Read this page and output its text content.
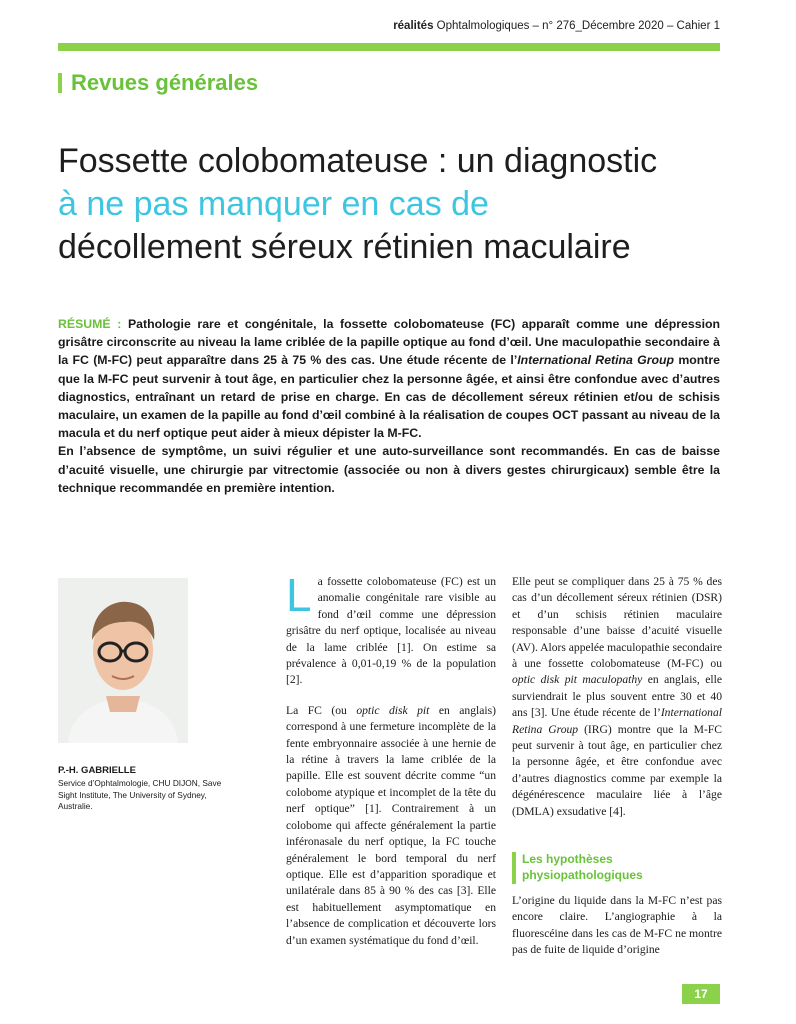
réalités Ophtalmologiques – n° 276_Décembre 2020 – Cahier 1
Revues générales
Fossette colobomateuse : un diagnostic
à ne pas manquer en cas de
décollement séreux rétinien maculaire

RÉSUMÉ : Pathologie rare et congénitale, la fossette colobomateuse (FC) apparaît comme une dépression grisâtre circonscrite au niveau la lame criblée de la papille optique au fond d’œil. Une maculopathie secondaire à la FC (M-FC) peut apparaître dans 25 à 75 % des cas. Une étude récente de l’International Retina Group montre que la M-FC peut survenir à tout âge, en particulier chez la personne âgée, et ainsi être confondue avec d’autres diagnostics, entraînant un retard de prise en charge. En cas de décollement séreux rétinien et/ou de schisis maculaire, un examen de la papille au fond d’œil combiné à la réalisation de coupes OCT passant au niveau de la macula et du nerf optique peut aider à mieux dépister la M-FC.

En l’absence de symptôme, un suivi régulier et une auto-surveillance sont recommandés. En cas de baisse d’acuité visuelle, une chirurgie par vitrectomie (associée ou non à divers gestes chirurgicaux) semble être la technique recommandée en première intention.

P.-H. GABRIELLE
Service d’Ophtalmologie, CHU DIJON, Save Sight Institute, The University of Sydney, Australie.

La fossette colobomateuse (FC) est un anomalie congénitale rare visible au fond d’œil comme une dépression grisâtre du nerf optique, localisée au niveau de la lame criblée [1]. On estime sa prévalence à 0,01-0,19 % de la population [2].

La FC (ou optic disk pit en anglais) correspond à une fermeture incomplète de la fente embryonnaire associée à une hernie de la rétine à travers la lame criblée de la papille. Elle est souvent décrite comme “un colobome atypique et incomplet de la tête du nerf optique” [1]. Contrairement à un colobome qui affecte généralement la partie inféronasale du nerf optique, la FC touche généralement le bord temporal du nerf optique. Elle est d’apparition sporadique et unilatérale dans 85 à 90 % des cas [3]. Elle est habituellement asymptomatique en l’absence de complication et découverte lors d’un examen systématique du fond d’œil.

Elle peut se compliquer dans 25 à 75 % des cas d’un décollement séreux rétinien (DSR) et d’un schisis rétinien maculaire responsable d’une baisse d’acuité visuelle (AV). Alors appelée maculopathie secondaire à une fossette colobomateuse (M-FC) ou optic disk pit maculopathy en anglais, elle surviendrait le plus souvent entre 30 et 40 ans [3]. Une étude récente de l’International Retina Group (IRG) montre que la M-FC peut survenir à tout âge, en particulier chez la personne âgée, et être confondue avec d’autres diagnostics comme par exemple la dégénérescence maculaire liée à l’âge (DMLA) exsudative [4].

Les hypothèses physiopathologiques

L’origine du liquide dans la M-FC n’est pas encore claire. L’angiographie à la fluorescéine dans les cas de M-FC ne montre pas de fuite de liquide d’origine

17
